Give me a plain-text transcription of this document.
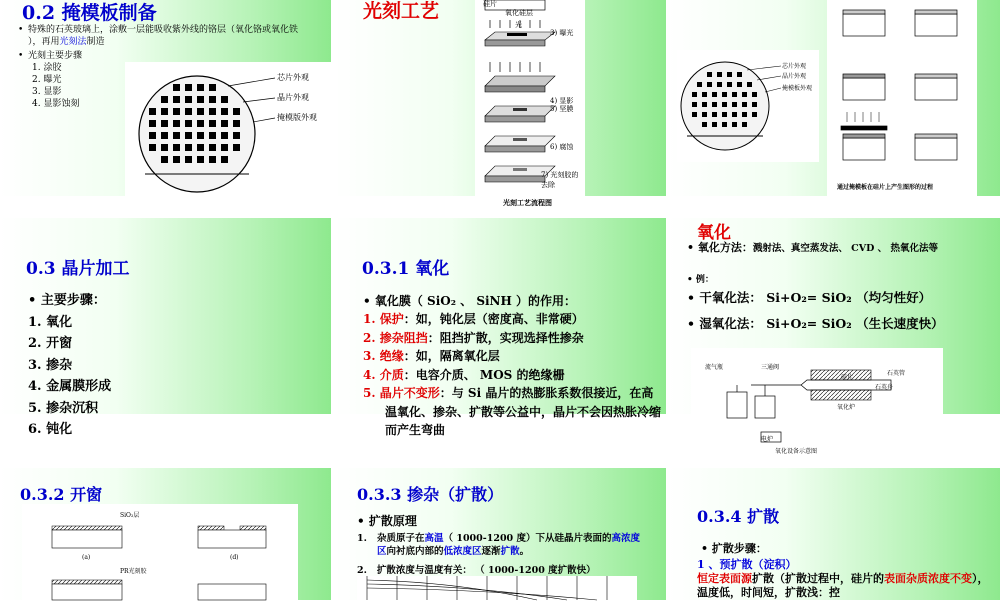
0.2 掩模板制备
• 特殊的石英玻璃上，涂敷一层能吸收紫外线的铬层（氧化铬或氧化铁 ），再用光刻法制造
• 光刻主要步骤
1. 涂胶
2. 曝光
3. 显影
4. 显影蚀刻
芯片外观
晶片外观
掩模版外观
光刻工艺	硅片
氧化硅层
光
3) 曝光
4) 显影
5) 坚膜
6) 腐蚀
7) 光刻胶的去除
光刻工艺流程图
芯片外观
晶片外观
掩模板外观
通过掩模板在硅片上产生图形的过程
0.3 晶片加工
• 主要步骤：
1. 氧化
2. 开窗
3. 掺杂
4. 金属膜形成
5. 掺杂沉积
6. 钝化
0.3.1 氧化
• 氧化膜（ SiO₂ 、 SiNH ）的作用：
1. 保护：如，钝化层（密度高、非常硬）
2. 掺杂阻挡：阻挡扩散，实现选择性掺杂
3. 绝缘：如，隔离氧化层
4. 介质：电容介质、 MOS 的绝缘栅
5. 晶片不变形：与 Si 晶片的热膨胀系数很接近，在高温氧化、掺杂、扩散等公益中，晶片不会因热胀冷缩而产生弯曲
氧化
• 氧化方法：溅射法、真空蒸发法、 CVD 、 热氧化法等
• 例：
• 干氧化法： Si+O₂= SiO₂ （均匀性好）
• 湿氧化法： Si+O₂= SiO₂ （生长速度快）
流气瓶	三通阀
硅片
石英管
石英舟
氧化炉
电炉
氧化设备示意图
0.3.2 开窗
SiO₂层
(a)	(d)
PR光刻胶
0.3.3 掺杂（扩散）
• 扩散原理
1.	杂质原子在高温（ 1000-1200 度）下从硅晶片表面的高浓度区向衬底内部的低浓度区逐渐扩散。
2. 扩散浓度与温度有关： （ 1000-1200 度扩散快）
0.3.4 扩散
• 扩散步骤：
1 、预扩散（淀积）
恒定表面源扩散（扩散过程中，硅片的表面杂质浓度不变），温度低，时间短，扩散浅：控
